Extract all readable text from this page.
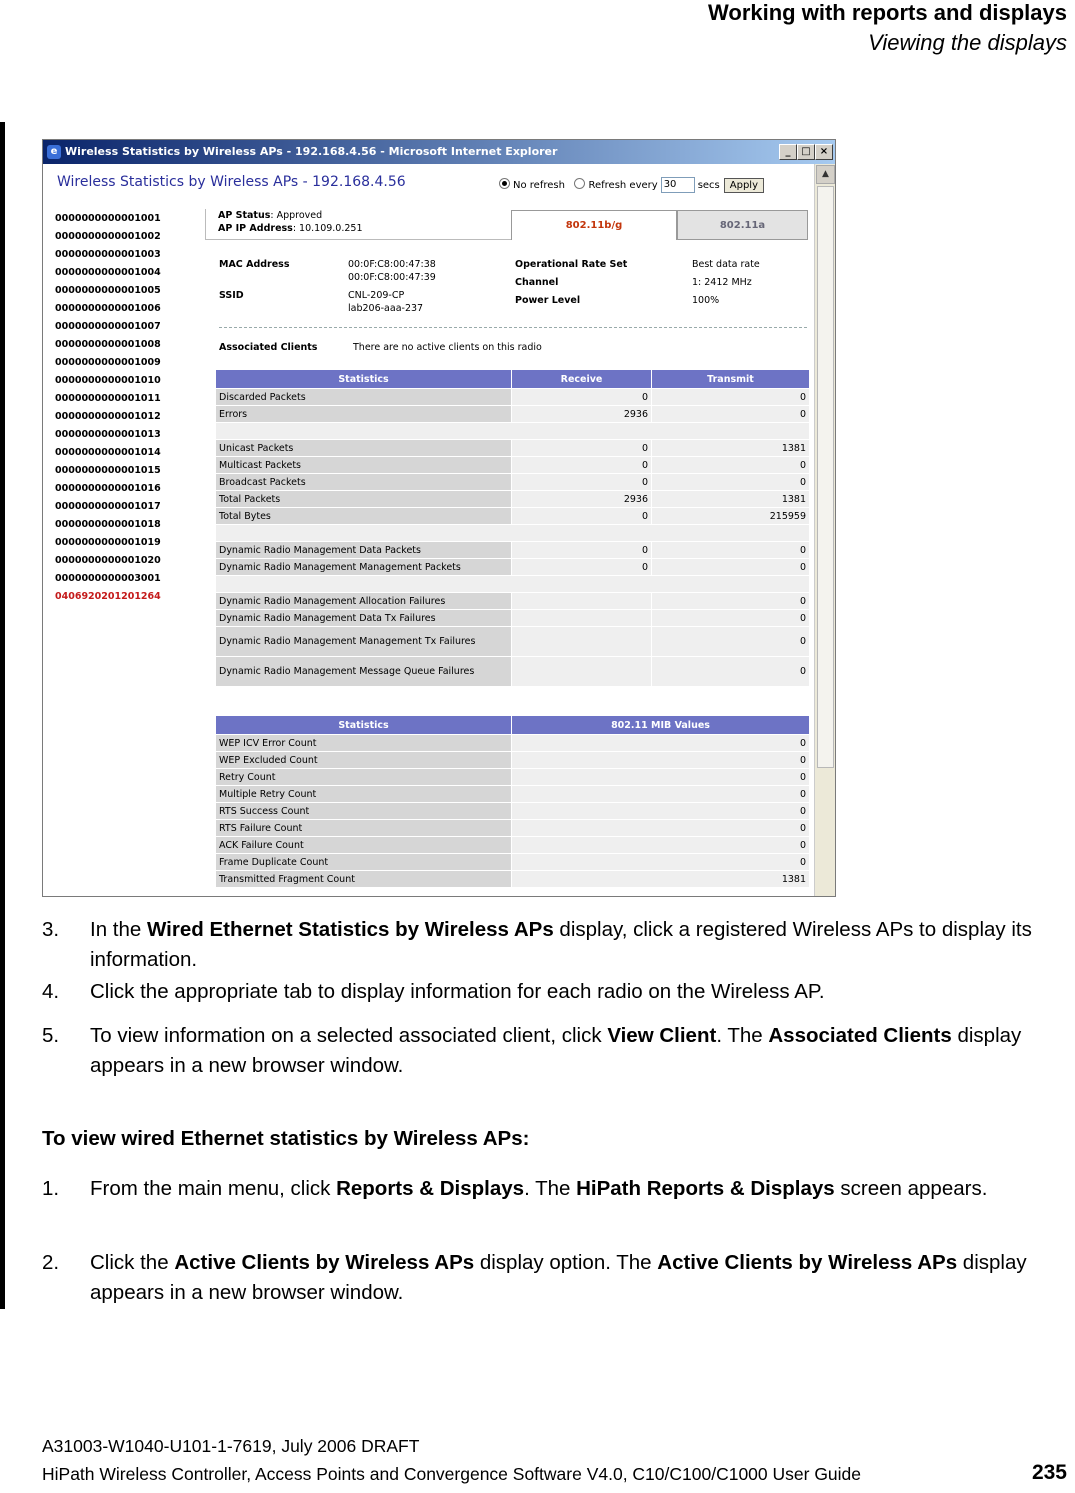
Working with reports and displays
Viewing the displays
e Wireless Statistics by Wireless APs - 192.168.4.56 - Microsoft Internet Explorer	_	□ ×
Wireless Statistics by Wireless APs - 192.168.4.56	No refresh Refresh every 30 secs Apply
0000000000001001
0000000000001002
0000000000001003
0000000000001004
0000000000001005
0000000000001006
0000000000001007
0000000000001008
0000000000001009
0000000000001010
0000000000001011
0000000000001012
0000000000001013
0000000000001014
0000000000001015
0000000000001016
0000000000001017
0000000000001018
0000000000001019
0000000000001020
0000000000003001
0406920201201264
AP Status: Approved
AP IP Address: 10.109.0.251	802.11b/g	802.11a
MAC Address	00:0F:C8:00:47:38
00:0F:C8:00:47:39
SSID	CNL-209-CP
lab206-aaa-237
Operational Rate Set	Best data rate
Channel	1: 2412 MHz
Power Level	100%
Associated Clients	There are no active clients on this radio
Statistics	Receive	Transmit
Discarded Packets	0	0
Errors	2936	0

Unicast Packets	0	1381
Multicast Packets	0	0
Broadcast Packets	0	0
Total Packets	2936	1381
Total Bytes	0	215959

Dynamic Radio Management Data Packets	0	0
Dynamic Radio Management Management Packets	0	0

Dynamic Radio Management Allocation Failures		0
Dynamic Radio Management Data Tx Failures		0
Dynamic Radio Management Management Tx Failures		0
Dynamic Radio Management Message Queue Failures		0
Statistics	802.11 MIB Values
WEP ICV Error Count	0
WEP Excluded Count	0
Retry Count	0
Multiple Retry Count	0
RTS Success Count	0
RTS Failure Count	0
ACK Failure Count	0
Frame Duplicate Count	0
Transmitted Fragment Count	1381
▲
3. In the Wired Ethernet Statistics by Wireless APs display, click a registered Wireless APs to display its information.
4. Click the appropriate tab to display information for each radio on the Wireless AP.
5. To view information on a selected associated client, click View Client. The Associated Clients display appears in a new browser window.
To view wired Ethernet statistics by Wireless APs:
1. From the main menu, click Reports & Displays. The HiPath Reports & Displays screen appears.
2. Click the Active Clients by Wireless APs display option. The Active Clients by Wireless APs display appears in a new browser window.
A31003-W1040-U101-1-7619, July 2006 DRAFT
HiPath Wireless Controller, Access Points and Convergence Software V4.0, C10/C100/C1000 User Guide	235
